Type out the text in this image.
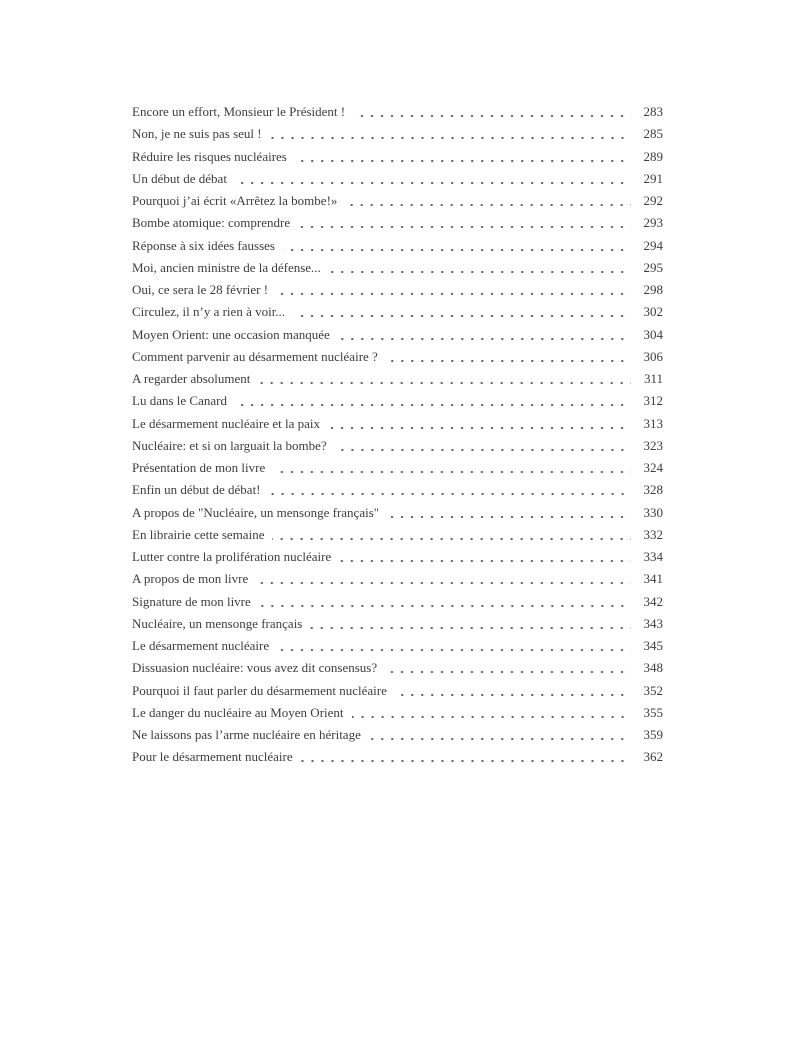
Encore un effort, Monsieur le Président !	283
Non, je ne suis pas seul !	285
Réduire les risques nucléaires	289
Un début de débat	291
Pourquoi j’ai écrit «Arrêtez la bombe!»	292
Bombe atomique: comprendre	293
Réponse à six idées fausses	294
Moi, ancien ministre de la défense...	295
Oui, ce sera le 28 février !	298
Circulez, il n’y a rien à voir...	302
Moyen Orient: une occasion manquée	304
Comment parvenir au désarmement nucléaire ?	306
A regarder absolument	311
Lu dans le Canard	312
Le désarmement nucléaire et la paix	313
Nucléaire: et si on larguait la bombe?	323
Présentation de mon livre	324
Enfin un début de débat!	328
A propos de "Nucléaire, un mensonge français"	330
En librairie cette semaine	332
Lutter contre la prolifération nucléaire	334
A propos de mon livre	341
Signature de mon livre	342
Nucléaire, un mensonge français	343
Le désarmement nucléaire	345
Dissuasion nucléaire: vous avez dit consensus?	348
Pourquoi il faut parler du désarmement nucléaire	352
Le danger du nucléaire au Moyen Orient	355
Ne laissons pas l’arme nucléaire en héritage	359
Pour le désarmement nucléaire	362
